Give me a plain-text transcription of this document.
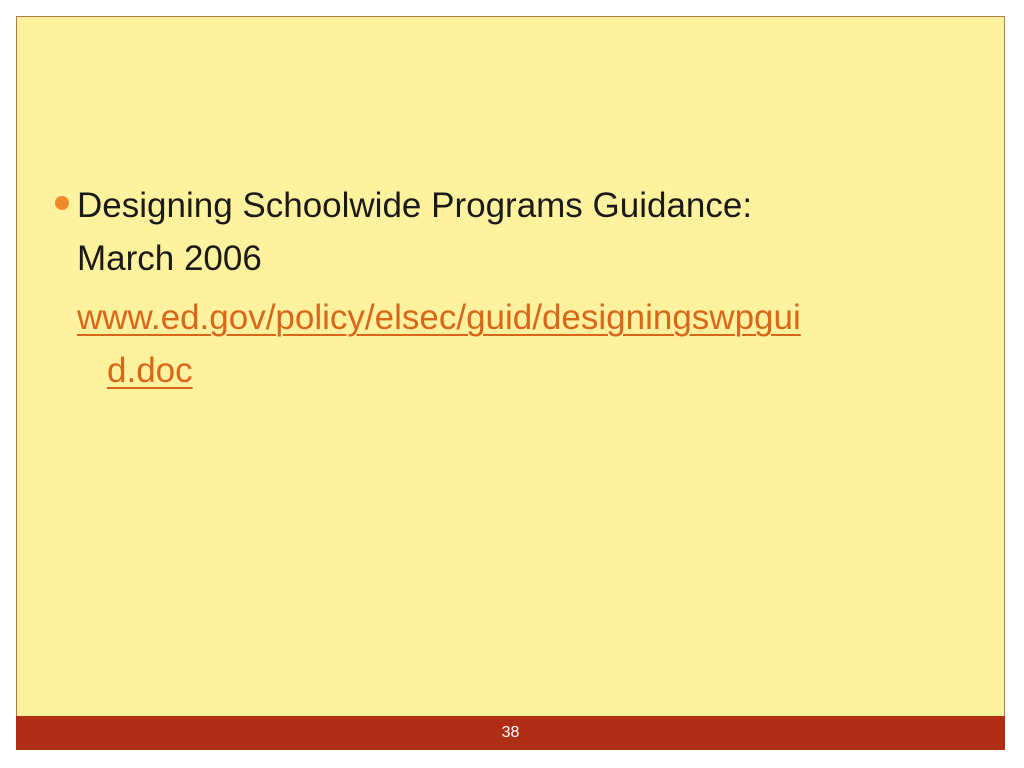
Designing Schoolwide Programs Guidance:
March 2006
www.ed.gov/policy/elsec/guid/designingswpgui
d.doc
38
